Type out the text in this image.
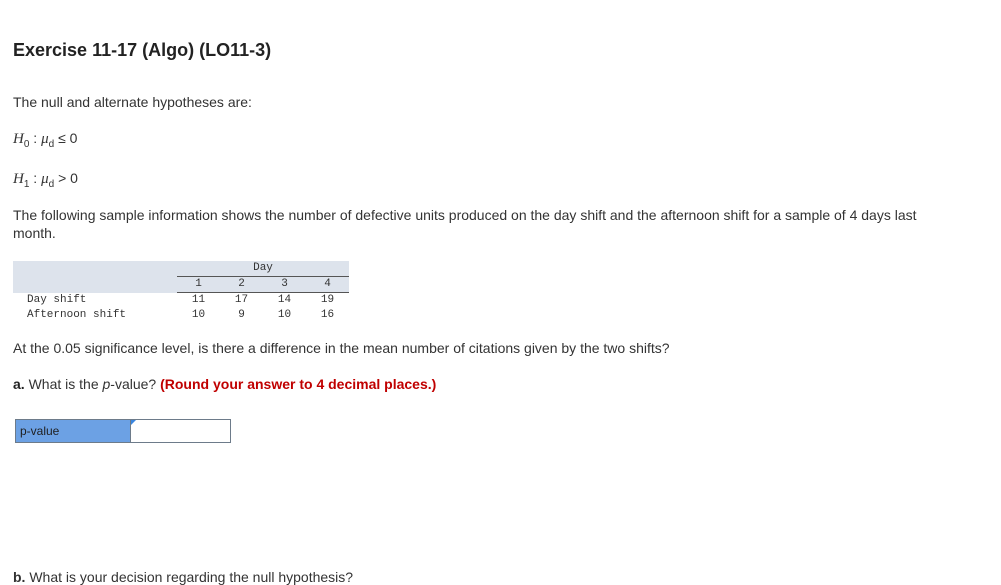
Exercise 11-17 (Algo) (LO11-3)
The null and alternate hypotheses are:
$H_0$ : $\mu_d \le 0$
$H_1$ : $\mu_d > 0$
The following sample information shows the number of defective units produced on the day shift and the afternoon shift for a sample of 4 days last month.
	Day			
	1	2	3	4
Day shift	11	17	14	19
Afternoon shift	10	9	10	16
At the 0.05 significance level, is there a difference in the mean number of citations given by the two shifts?
a. What is the p-value? (Round your answer to 4 decimal places.)
p-value
b. What is your decision regarding the null hypothesis?
